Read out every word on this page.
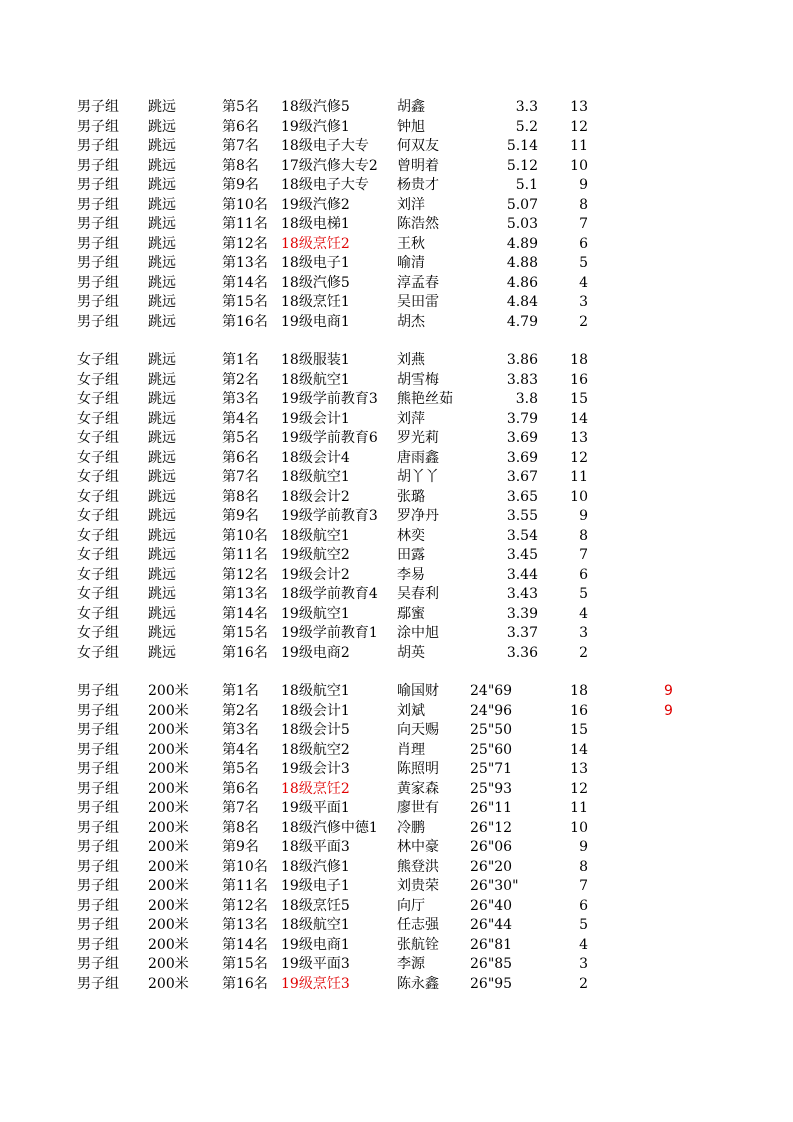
男子组 跳远	第5名 18级汽修5	胡鑫	3.3 13
男子组 跳远	第6名 19级汽修1	钟旭	5.2 12
男子组 跳远	第7名 18级电子大专 何双友	5.14 11
男子组 跳远	第8名 17级汽修大专2 曾明着	5.12 10
男子组 跳远	第9名 18级电子大专 杨贵才	5.1	9
男子组 跳远	第10名 19级汽修2	刘洋	5.07	8
男子组 跳远	第11名 18级电梯1	陈浩然	5.03	7
男子组 跳远	第12名 18级烹饪2	王秋	4.89	6
男子组 跳远	第13名 18级电子1	喻清	4.88	5
男子组 跳远	第14名 18级汽修5	淳孟春	4.86	4
男子组 跳远	第15名 18级烹饪1	吴田雷	4.84	3
男子组 跳远	第16名 19级电商1	胡杰	4.79	2
女子组 跳远	第1名 18级服装1	刘燕	3.86 18
女子组 跳远	第2名 18级航空1	胡雪梅	3.83 16
女子组 跳远	第3名 19级学前教育3 熊艳丝茹	3.8 15
女子组 跳远	第4名 19级会计1	刘萍	3.79 14
女子组 跳远	第5名 19级学前教育6 罗光莉	3.69 13
女子组 跳远	第6名 18级会计4	唐雨鑫	3.69 12
女子组 跳远	第7名 18级航空1	胡丫丫	3.67 11
女子组 跳远	第8名 18级会计2	张璐	3.65 10
女子组 跳远	第9名 19级学前教育3 罗净丹	3.55	9
女子组 跳远	第10名 18级航空1	林奕	3.54	8
女子组 跳远	第11名 19级航空2	田露	3.45	7
女子组 跳远	第12名 19级会计2	李易	3.44	6
女子组 跳远	第13名 18级学前教育4 吴春利	3.43	5
女子组 跳远	第14名 19级航空1	鄢蜜	3.39	4
女子组 跳远	第15名 19级学前教育1 涂中旭	3.37	3
女子组 跳远	第16名 19级电商2	胡英	3.36	2
男子组 200米 第1名 18级航空1	喻国财 24"69	18	9
男子组 200米 第2名 18级会计1	刘斌	24"96	16	9
男子组 200米 第3名 18级会计5	向天赐 25"50	15
男子组 200米 第4名 18级航空2	肖理	25"60	14
男子组 200米 第5名 19级会计3	陈照明 25"71	13
男子组 200米 第6名 18级烹饪2	黄家森 25"93	12
男子组 200米 第7名 19级平面1	廖世有 26"11	11
男子组 200米 第8名 18级汽修中德1 冷鹏	26"12	10
男子组 200米 第9名 18级平面3	林中豪 26"06	9
男子组 200米 第10名 18级汽修1	熊登洪 26"20	8
男子组 200米 第11名 19级电子1	刘贵荣 26"30"	7
男子组 200米 第12名 18级烹饪5	向厅	26"40	6
男子组 200米 第13名 18级航空1	任志强 26"44	5
男子组 200米 第14名 19级电商1	张航铨 26"81	4
男子组 200米 第15名 19级平面3	李源	26"85	3
男子组 200米 第16名 19级烹饪3	陈永鑫 26"95	2
